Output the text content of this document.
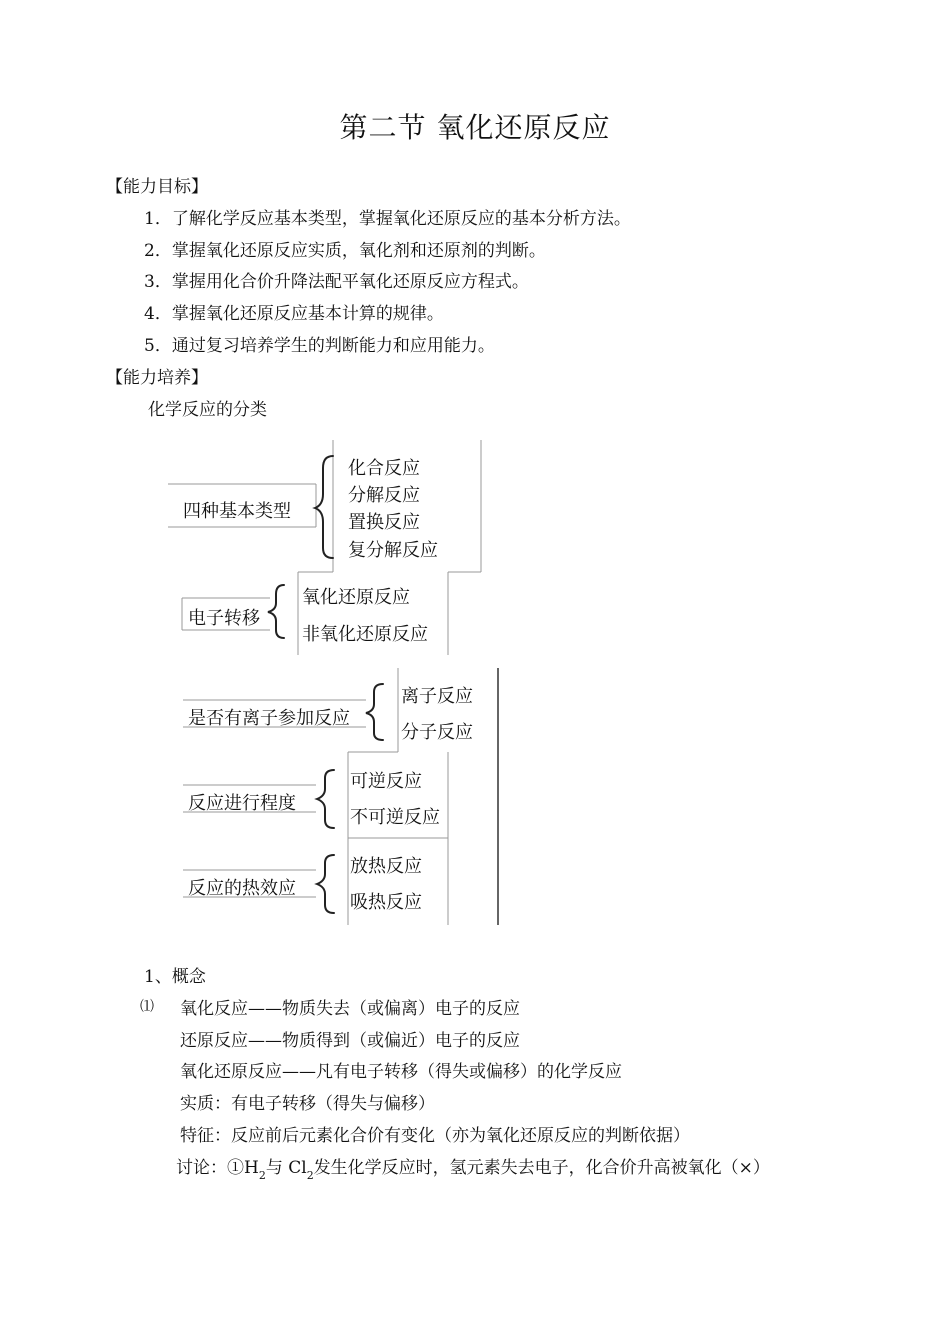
第二节 氧化还原反应
【能力目标】
1．了解化学反应基本类型，掌握氧化还原反应的基本分析方法。
2．掌握氧化还原反应实质，氧化剂和还原剂的判断。
3．掌握用化合价升降法配平氧化还原反应方程式。
4．掌握氧化还原反应基本计算的规律。
5．通过复习培养学生的判断能力和应用能力。
【能力培养】
化学反应的分类
四种基本类型
化合反应
分解反应
置换反应
复分解反应
电子转移
氧化还原反应
非氧化还原反应
是否有离子参加反应
离子反应
分子反应
反应进行程度
可逆反应
不可逆反应
反应的热效应
放热反应
吸热反应
1、概念
⑴ 氧化反应——物质失去（或偏离）电子的反应
还原反应——物质得到（或偏近）电子的反应
氧化还原反应——凡有电子转移（得失或偏移）的化学反应
实质：有电子转移（得失与偏移）
特征：反应前后元素化合价有变化（亦为氧化还原反应的判断依据）
讨论：$①H_2$与 $Cl_2$发生化学反应时，氢元素失去电子，化合价升高被氧化（×）
